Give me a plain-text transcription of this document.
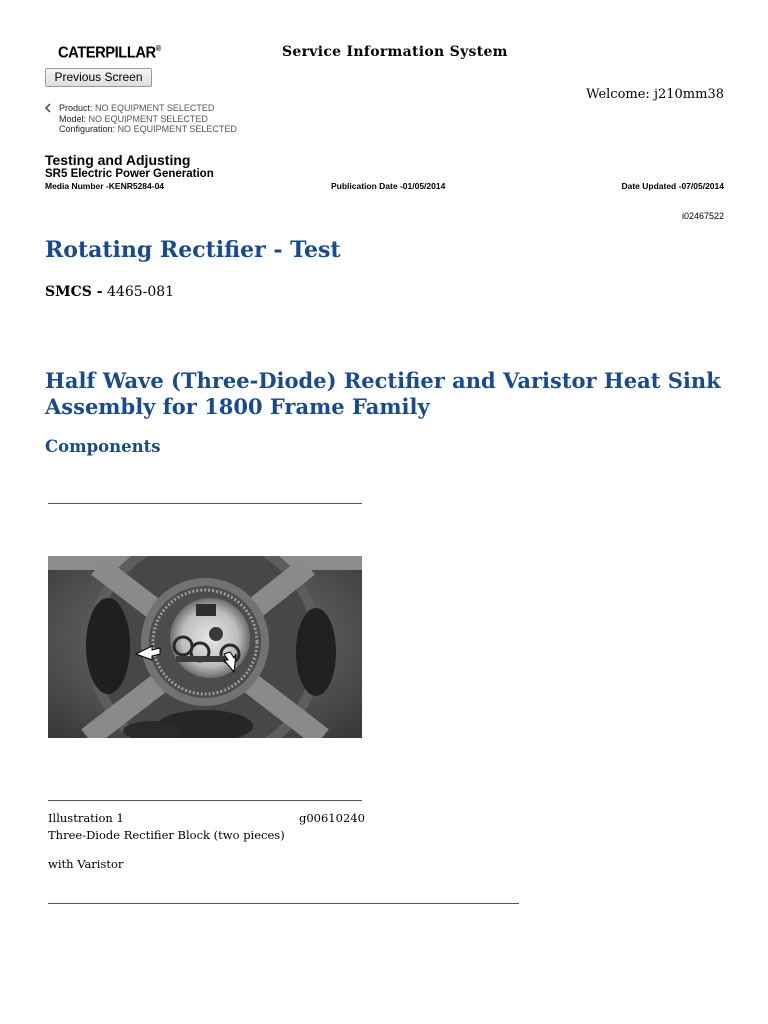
CATERPILLAR®	Service Information System
Previous Screen
Welcome: j210mm38
Product: NO EQUIPMENT SELECTED
Model: NO EQUIPMENT SELECTED
Configuration: NO EQUIPMENT SELECTED
Testing and Adjusting
SR5 Electric Power Generation
Media Number -KENR5284-04	Publication Date -01/05/2014	Date Updated -07/05/2014
i02467522
Rotating Rectifier - Test
SMCS - 4465-081
Half Wave (Three-Diode) Rectifier and Varistor Heat Sink Assembly for 1800 Frame Family
Components
Illustration 1	g00610240
Three-Diode Rectifier Block (two pieces)
with Varistor
